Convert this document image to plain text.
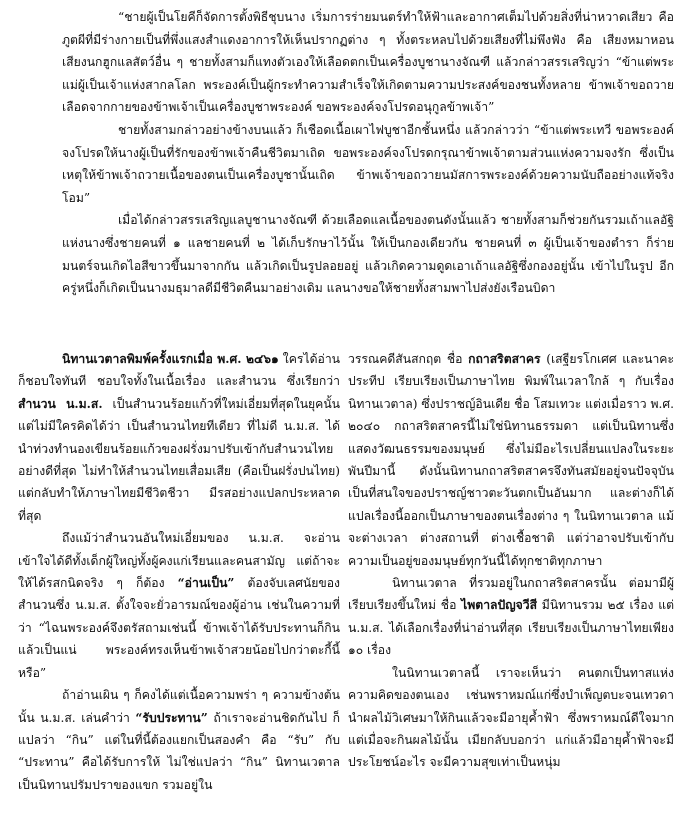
“ชายผู้เป็นโยคีก็จัดการตั้งพิธีชุบนาง เริ่มการร่ายมนตร์ทำให้ฟ้าและอากาศเต็มไปด้วยสิ่งที่น่าหวาดเสียว คือภูตผีที่มีร่างกายเป็นที่พึ่งแสงสำแดงอาการให้เห็นปรากฏต่าง ๆ ทั้งตระหลบไปด้วยเสียงที่ไม่พึงฟัง คือ เสียงหมาหอน เสียงนกฮูกแลสัตว์อื่น ๆ ชายทั้งสามก็แทงตัวเองให้เลือดตกเป็นเครื่องบูชานางจัณฑี แล้วกล่าวสรรเสริญว่า “ข้าแต่พระแม่ผู้เป็นเจ้าแห่งสากลโลก พระองค์เป็นผู้กระทำความสำเร็จให้เกิดตามความประสงค์ของชนทั้งหลาย ข้าพเจ้าขอถวายเลือดจากกายของข้าพเจ้าเป็นเครื่องบูชาพระองค์ ขอพระองค์จงโปรดอนุกูลข้าพเจ้า”

ชายทั้งสามกล่าวอย่างข้างบนแล้ว ก็เชือดเนื้อเผาไฟบูชาอีกชั้นหนึ่ง แล้วกล่าวว่า “ข้าแต่พระเทวี ขอพระองค์จงโปรดให้นางผู้เป็นที่รักของข้าพเจ้าคืนชีวิตมาเถิด ขอพระองค์จงโปรดกรุณาข้าพเจ้าตามส่วนแห่งความจงรัก ซึ่งเป็นเหตุให้ข้าพเจ้าถวายเนื้อของตนเป็นเครื่องบูชานั้นเถิด ข้าพเจ้าขอถวายนมัสการพระองค์ด้วยความนับถืออย่างแท้จริง โอม”

เมื่อได้กล่าวสรรเสริญแลบูชานางจัณฑี ด้วยเลือดแลเนื้อของตนดังนั้นแล้ว ชายทั้งสามก็ช่วยกันรวมเถ้าแลอัฐิแห่งนางซึ่งชายคนที่ ๑ แลชายคนที่ ๒ ได้เก็บรักษาไว้นั้น ให้เป็นกองเดียวกัน ชายคนที่ ๓ ผู้เป็นเจ้าของตำรา ก็ร่ายมนตร์จนเกิดไอสีขาวขึ้นมาจากกัน แล้วเกิดเป็นรูปลอยอยู่ แล้วเกิดความดูดเอาเถ้าแลอัฐิซึ่งกองอยู่นั้น เข้าไปในรูป อีกครู่หนึ่งก็เกิดเป็นนางมธุมาลดีมีชีวิตคืนมาอย่างเดิม แลนางขอให้ชายทั้งสามพาไปส่งยังเรือนบิดา

นิทานเวตาลพิมพ์ครั้งแรกเมื่อ พ.ศ. ๒๔๖๑ ใครได้อ่านก็ชอบใจทันที ชอบใจทั้งในเนื้อเรื่อง และสำนวน ซึ่งเรียกว่า สำนวน น.ม.ส. เป็นสำนวนร้อยแก้วที่ใหม่เอี่ยมที่สุดในยุคนั้น แต่ไม่มีใครคิดได้ว่า เป็นสำนวนไทยทีเดียว ที่ไม่ดี น.ม.ส. ได้นำท่วงทำนองเขียนร้อยแก้วของฝรั่งมาปรับเข้ากับสำนวนไทยอย่างดีที่สุด ไม่ทำให้สำนวนไทยเสื่อมเสีย (คือเป็นฝรั่งปนไทย) แต่กลับทำให้ภาษาไทยมีชีวิตชีวา มีรสอย่างแปลกประหลาดที่สุด

ถึงแม้ว่าสำนวนอันใหม่เอี่ยมของ น.ม.ส. จะอ่านเข้าใจได้ดีทั้งเด็กผู้ใหญ่ทั้งผู้คงแก่เรียนและคนสามัญ แต่ถ้าจะให้ได้รสกนิดจริง ๆ ก็ต้อง “อ่านเป็น” ต้องจับเลศนัยของสำนวนซึ่ง น.ม.ส. ตั้งใจจะยั่วอารมณ์ของผู้อ่าน เช่นในความที่ว่า “ไฉนพระองค์จึงตรัสถามเช่นนี้ ข้าพเจ้าได้รับประทานก็กินแล้วเป็นแน่ พระองค์ทรงเห็นข้าพเจ้าสวยน้อยไปกว่าตะกี้นี้หรือ”

ถ้าอ่านเผิน ๆ ก็คงได้แต่เนื้อความพร่า ๆ ความข้างต้นนั้น น.ม.ส. เล่นคำว่า “รับประทาน” ถ้าเราจะอ่านชิดกันไป ก็แปลว่า “กิน” แต่ในที่นี้ต้องแยกเป็นสองคำ คือ “รับ” กับ “ประทาน” คือได้รับการให้ ไม่ใช่แปลว่า “กิน” นิทานเวตาลเป็นนิทานปรัมปราของแขก รวมอยู่ใน

วรรณคดีสันสกฤต ชื่อ กถาสริตสาคร (เสฐียรโกเศศ และนาคะประทีป เรียบเรียงเป็นภาษาไทย พิมพ์ในเวลาใกล้ ๆ กับเรื่องนิทานเวตาล) ซึ่งปราชญ์อินเดีย ชื่อ โสมเทวะ แต่งเมื่อราว พ.ศ. ๒๐๔๐ กถาสริตสาครนี้ไม่ใช่นิทานธรรมดา แต่เป็นนิทานซึ่งแสดงวัฒนธรรมของมนุษย์ ซึ่งไม่มีอะไรเปลี่ยนแปลงในระยะพันปีมานี้ ดังนั้นนิทานกถาสริตสาครจึงทันสมัยอยู่จนปัจจุบัน เป็นที่สนใจของปราชญ์ชาวตะวันตกเป็นอันมาก และต่างก็ได้แปลเรื่องนี้ออกเป็นภาษาของตนเรื่องต่าง ๆ ในนิทานเวตาล แม้จะต่างเวลา ต่างสถานที่ ต่างเชื้อชาติ แต่ว่าอาจปรับเข้ากับความเป็นอยู่ของมนุษย์ทุกวันนี้ได้ทุกชาติทุกภาษา

นิทานเวตาล ที่รวมอยู่ในกถาสริตสาครนั้น ต่อมามีผู้เรียบเรียงขึ้นใหม่ ชื่อ ไพตาลปัญจวีสี มีนิทานรวม ๒๕ เรื่อง แต่ น.ม.ส. ได้เลือกเรื่องที่น่าอ่านที่สุด เรียบเรียงเป็นภาษาไทยเพียง ๑๐ เรื่อง

ในนิทานเวตาลนี้ เราจะเห็นว่า คนตกเป็นทาสแห่งความคิดของตนเอง เช่นพราหมณ์แก่ซึ่งบำเพ็ญตบะจนเทวดานำผลไม้วิเศษมาให้กินแล้วจะมีอายุค้ำฟ้า ซึ่งพราหมณ์ดีใจมาก แต่เมื่อจะกินผลไม้นั้น เมียกลับบอกว่า แก่แล้วมีอายุค้ำฟ้าจะมีประโยชน์อะไร จะมีความสุขเท่าเป็นหนุ่ม
